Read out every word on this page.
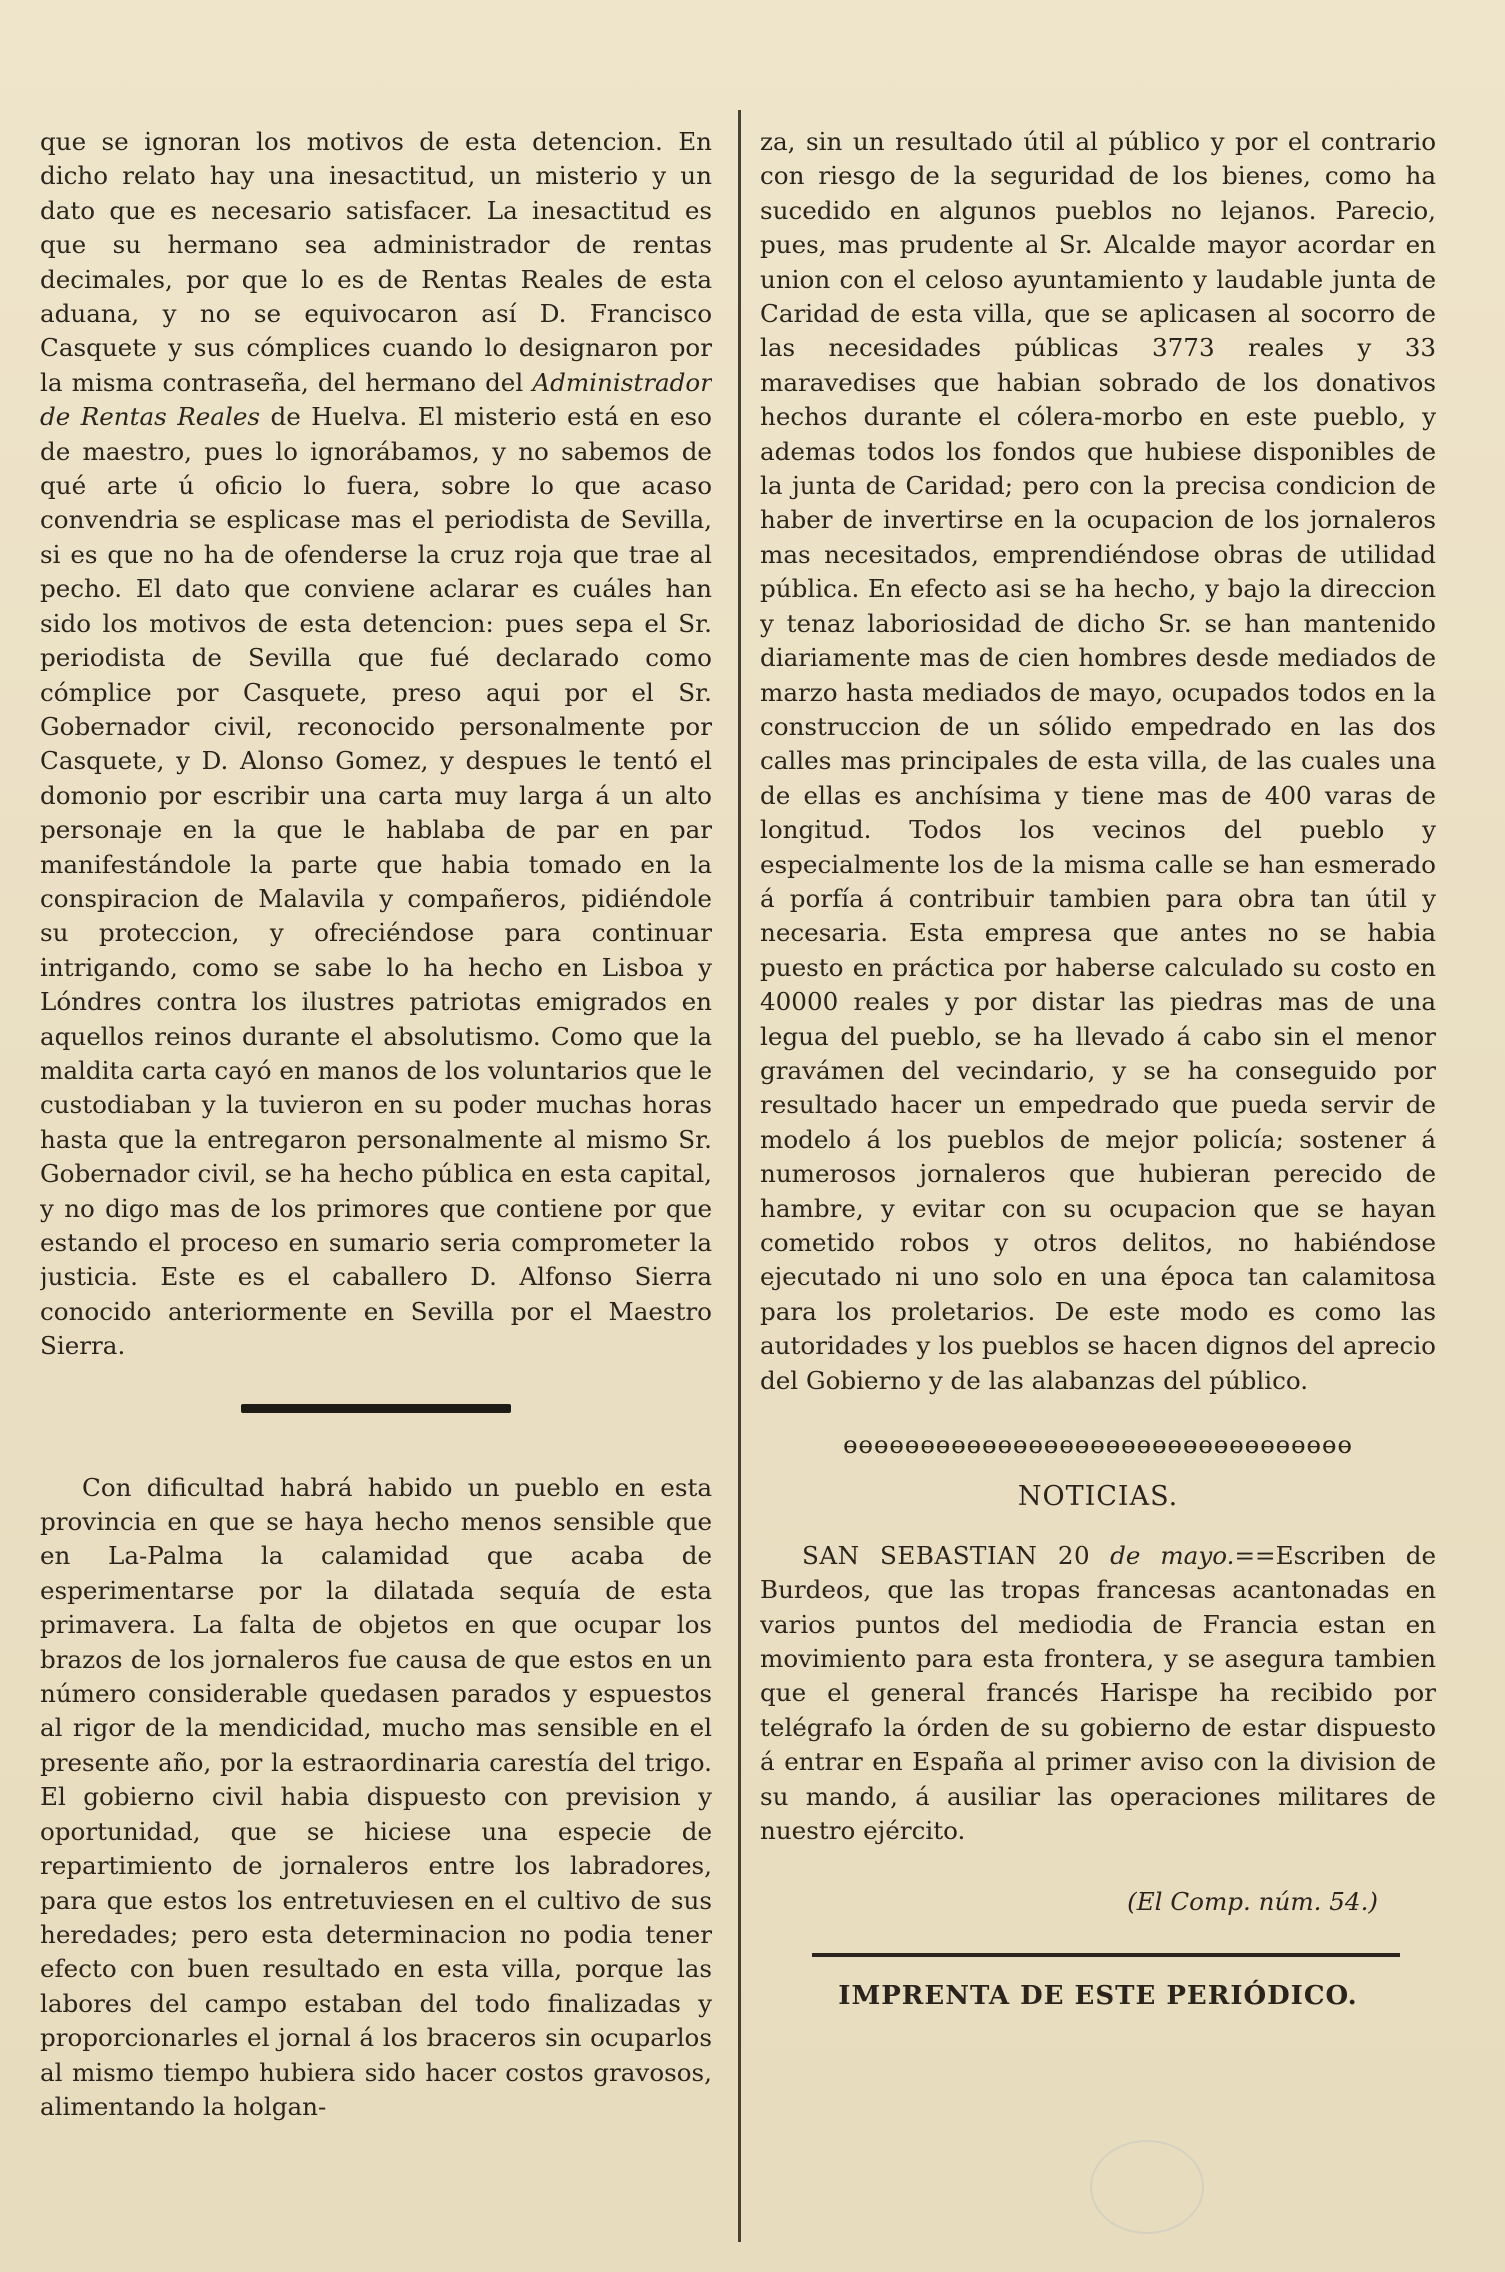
que se ignoran los motivos de esta detencion. En dicho relato hay una inesactitud, un misterio y un dato que es necesario satisfacer. La inesactitud es que su hermano sea administrador de rentas decimales, por que lo es de Rentas Reales de esta aduana, y no se equivocaron así D. Francisco Casquete y sus cómplices cuando lo designaron por la misma contraseña, del hermano del Administrador de Rentas Reales de Huelva. El misterio está en eso de maestro, pues lo ignorábamos, y no sabemos de qué arte ú oficio lo fuera, sobre lo que acaso convendria se esplicase mas el periodista de Sevilla, si es que no ha de ofenderse la cruz roja que trae al pecho. El dato que conviene aclarar es cuáles han sido los motivos de esta detencion: pues sepa el Sr. periodista de Sevilla que fué declarado como cómplice por Casquete, preso aqui por el Sr. Gobernador civil, reconocido personalmente por Casquete, y D. Alonso Gomez, y despues le tentó el domonio por escribir una carta muy larga á un alto personaje en la que le hablaba de par en par manifestándole la parte que habia tomado en la conspiracion de Malavila y compañeros, pidiéndole su proteccion, y ofreciéndose para continuar intrigando, como se sabe lo ha hecho en Lisboa y Lóndres contra los ilustres patriotas emigrados en aquellos reinos durante el absolutismo. Como que la maldita carta cayó en manos de los voluntarios que le custodiaban y la tuvieron en su poder muchas horas hasta que la entregaron personalmente al mismo Sr. Gobernador civil, se ha hecho pública en esta capital, y no digo mas de los primores que contiene por que estando el proceso en sumario seria comprometer la justicia. Este es el caballero D. Alfonso Sierra conocido anteriormente en Sevilla por el Maestro Sierra.

Con dificultad habrá habido un pueblo en esta provincia en que se haya hecho menos sensible que en La-Palma la calamidad que acaba de esperimentarse por la dilatada sequía de esta primavera. La falta de objetos en que ocupar los brazos de los jornaleros fue causa de que estos en un número considerable quedasen parados y espuestos al rigor de la mendicidad, mucho mas sensible en el presente año, por la estraordinaria carestía del trigo. El gobierno civil habia dispuesto con prevision y oportunidad, que se hiciese una especie de repartimiento de jornaleros entre los labradores, para que estos los entretuviesen en el cultivo de sus heredades; pero esta determinacion no podia tener efecto con buen resultado en esta villa, porque las labores del campo estaban del todo finalizadas y proporcionarles el jornal á los braceros sin ocuparlos al mismo tiempo hubiera sido hacer costos gravosos, alimentando la holgan-

za, sin un resultado útil al público y por el contrario con riesgo de la seguridad de los bienes, como ha sucedido en algunos pueblos no lejanos. Parecio, pues, mas prudente al Sr. Alcalde mayor acordar en union con el celoso ayuntamiento y laudable junta de Caridad de esta villa, que se aplicasen al socorro de las necesidades públicas 3773 reales y 33 maravedises que habian sobrado de los donativos hechos durante el cólera-morbo en este pueblo, y ademas todos los fondos que hubiese disponibles de la junta de Caridad; pero con la precisa condicion de haber de invertirse en la ocupacion de los jornaleros mas necesitados, emprendiéndose obras de utilidad pública. En efecto asi se ha hecho, y bajo la direccion y tenaz laboriosidad de dicho Sr. se han mantenido diariamente mas de cien hombres desde mediados de marzo hasta mediados de mayo, ocupados todos en la construccion de un sólido empedrado en las dos calles mas principales de esta villa, de las cuales una de ellas es anchísima y tiene mas de 400 varas de longitud. Todos los vecinos del pueblo y especialmente los de la misma calle se han esmerado á porfía á contribuir tambien para obra tan útil y necesaria. Esta empresa que antes no se habia puesto en práctica por haberse calculado su costo en 40000 reales y por distar las piedras mas de una legua del pueblo, se ha llevado á cabo sin el menor gravámen del vecindario, y se ha conseguido por resultado hacer un empedrado que pueda servir de modelo á los pueblos de mejor policía; sostener á numerosos jornaleros que hubieran perecido de hambre, y evitar con su ocupacion que se hayan cometido robos y otros delitos, no habiéndose ejecutado ni uno solo en una época tan calamitosa para los proletarios. De este modo es como las autoridades y los pueblos se hacen dignos del aprecio del Gobierno y de las alabanzas del público.

ɵɵɵɵɵɵɵɵɵɵɵɵɵɵɵɵɵɵɵɵɵɵɵɵɵɵɵɵɵɵɵɵɵ
NOTICIAS.

SAN SEBASTIAN 20 de mayo.==Escriben de Burdeos, que las tropas francesas acantonadas en varios puntos del mediodia de Francia estan en movimiento para esta frontera, y se asegura tambien que el general francés Harispe ha recibido por telégrafo la órden de su gobierno de estar dispuesto á entrar en España al primer aviso con la division de su mando, á ausiliar las operaciones militares de nuestro ejército.

(El Comp. núm. 54.)
IMPRENTA DE ESTE PERIÓDICO.
